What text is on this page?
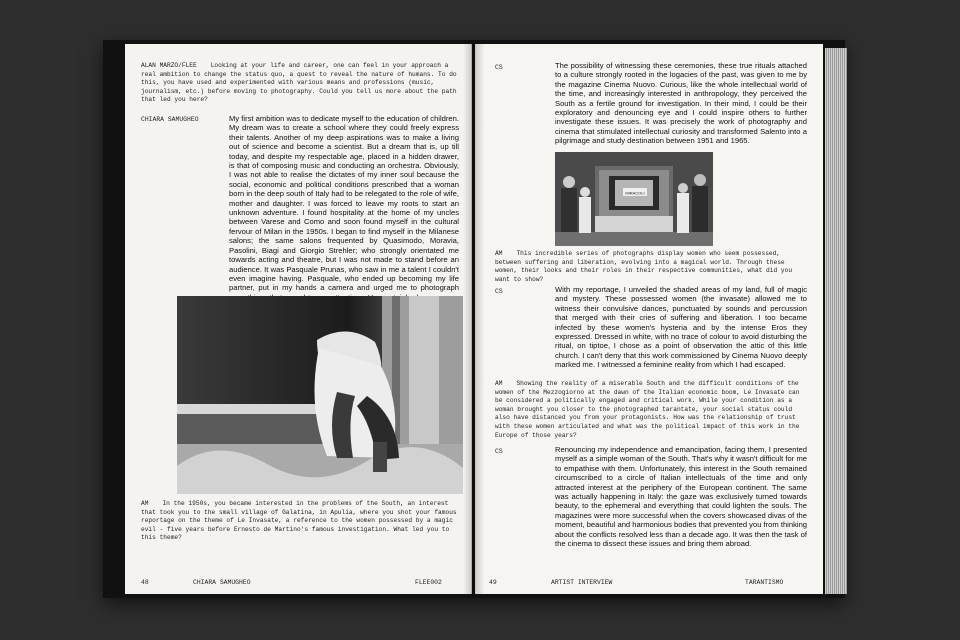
ALAN MARZO/FLEE Looking at your life and career, one can feel in your approach a real ambition to change the status quo, a quest to reveal the nature of humans. To do this, you have used and experimented with various means and professions (music, journalism, etc.) before moving to photography. Could you tell us more about the path that led you here?
CHIARA SAMUGHEO	My first ambition was to dedicate myself to the education of children. My dream was to create a school where they could freely express their talents. Another of my deep aspirations was to make a living out of science and become a scientist. But a dream that is, up till today, and despite my respectable age, placed in a hidden drawer, is that of composing music and conducting an orchestra. Obviously, I was not able to realise the dictates of my inner soul because the social, economic and political conditions prescribed that a woman born in the deep south of Italy had to be relegated to the role of wife, mother and daughter. I was forced to leave my roots to start an unknown adventure. I found hospitality at the home of my uncles between Varese and Como and soon found myself in the cultural fervour of Milan in the 1950s. I began to find myself in the Milanese salons; the same salons frequented by Quasimodo, Moravia, Pasolini, Biagi and Giorgio Strehler; who strongly orientated me towards acting and theatre, but I was not made to stand before an audience. It was Pasquale Prunas, who saw in me a talent I couldn't even imagine having. Pasquale, who ended up becoming my life partner, put in my hands a camera and urged me to photograph
AM In the 1950s, you became interested in the problems of the South, an interest that took you to the small village of Galatina, in Apulia, where you shot your famous reportage on the theme of Le Invasate, a reference to the women possessed by a magic evil - five years before Ernesto de Martino's famous investigation. What led you to this theme?
48	CHIARA SAMUGHEO	FLEE002
CS	The possibility of witnessing these ceremonies, these true rituals attached to a culture strongly rooted in the logacies of the past, was given to me by the magazine Cinema Nuovo. Curious, like the whole intellectual world of the time, and increasingly interested in anthropology, they perceived the South as a fertile ground for investigation. In their mind, I could be their exploratory and denouncing eye and I could inspire others to further investigate these issues. It was precisely the work of photography and cinema that stimulated intellectual curiosity and transformed Salento into a pilgrimage and study destination between 1951 and 1965.
MIRACOLI
AM This incredible series of photographs display women who seem possessed, between suffering and liberation, evolving into a magical world. Through these women, their looks and their roles in their respective communities, what did you want to show?
CS	With my reportage, I unveiled the shaded areas of my land, full of magic and mystery. These possessed women (the invasate) allowed me to witness their convulsive dances, punctuated by sounds and percussion that merged with their cries of suffering and liberation. I too became infected by these women's hysteria and by the intense Eros they expressed. Dressed in white, with no trace of colour to avoid disturbing the ritual, on tiptoe, I chose as a point of observation the attic of this little church. I can't deny that this work commissioned by Cinema Nuovo deeply marked me. I witnessed a feminine reality from which I had escaped.
AM Showing the reality of a miserable South and the difficult conditions of the women of the Mezzogiorno at the dawn of the Italian economic boom, Le Invasate can be considered a politically engaged and critical work. While your condition as a woman brought you closer to the photographed tarantate, your social status could also have distanced you from your protagonists. How was the relationship of trust with these women articulated and what was the political impact of this work in the Europe of those years?
CS	Renouncing my independence and emancipation, facing them, I presented myself as a simple woman of the South. That's why it wasn't difficult for me to empathise with them. Unfortunately, this interest in the South remained circumscribed to a circle of Italian intellectuals of the time and only attracted interest at the periphery of the European continent. The same was actually happening in Italy: the gaze was exclusively turned towards beauty, to the ephemeral and everything that could lighten the souls. The magazines were more successful when the covers showcased divas of the moment, beautiful and harmonious bodies that prevented you from thinking about the conflicts resolved less than a decade ago. It was then the task of the cinema to dissect these issues and bring them abroad.
49	ARTIST INTERVIEW	TARANTISMO
